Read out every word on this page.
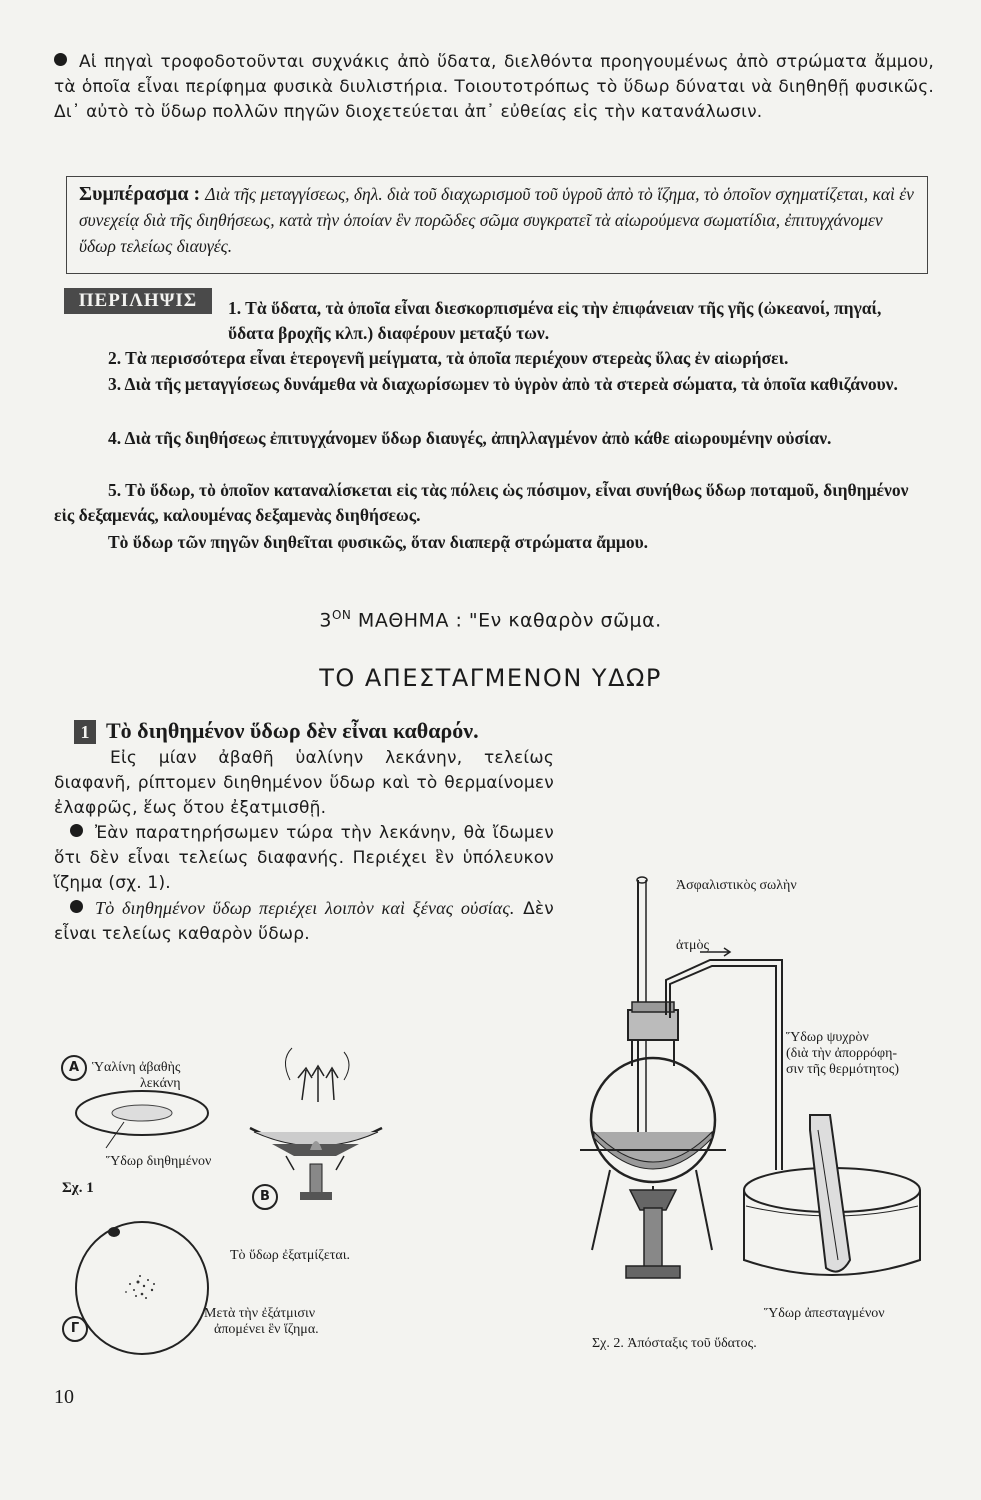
Αἱ πηγαὶ τροφοδοτοῦνται συχνάκις ἀπὸ ὕδατα, διελθόντα προηγουμένως ἀπὸ στρώματα ἄμμου, τὰ ὁποῖα εἶναι περίφημα φυσικὰ διυλιστήρια. Τοιουτοτρόπως τὸ ὕδωρ δύναται νὰ διηθηθῇ φυσικῶς. Δι᾽ αὐτὸ τὸ ὕδωρ πολλῶν πηγῶν διοχετεύεται ἀπ᾽ εὐθείας εἰς τὴν κατανάλωσιν.
Συμπέρασμα : Διὰ τῆς μεταγγίσεως, δηλ. διὰ τοῦ διαχωρισμοῦ τοῦ ὑγροῦ ἀπὸ τὸ ἵζημα, τὸ ὁποῖον σχηματίζεται, καὶ ἐν συνεχείᾳ διὰ τῆς διηθήσεως, κατὰ τὴν ὁποίαν ἓν πορῶδες σῶμα συγκρατεῖ τὰ αἰωρούμενα σωματίδια, ἐπιτυγχάνομεν ὕδωρ τελείως διαυγές.
ΠΕΡΙΛΗΨΙΣ	1. Τὰ ὕδατα, τὰ ὁποῖα εἶναι διεσκορπισμένα εἰς τὴν ἐπιφάνειαν τῆς γῆς (ὠκεανοί, πηγαί, ὕδατα βροχῆς κλπ.) διαφέρουν μεταξύ των.
2. Τὰ περισσότερα εἶναι ἑτερογενῆ μείγματα, τὰ ὁποῖα περιέχουν στερεὰς ὕλας ἐν αἰωρήσει.
3. Διὰ τῆς μεταγγίσεως δυνάμεθα νὰ διαχωρίσωμεν τὸ ὑγρὸν ἀπὸ τὰ στερεὰ σώματα, τὰ ὁποῖα καθιζάνουν.
4. Διὰ τῆς διηθήσεως ἐπιτυγχάνομεν ὕδωρ διαυγές, ἀπηλλαγμένον ἀπὸ κάθε αἰωρουμένην οὐσίαν.
5. Τὸ ὕδωρ, τὸ ὁποῖον καταναλίσκεται εἰς τὰς πόλεις ὡς πόσιμον, εἶναι συνήθως ὕδωρ ποταμοῦ, διηθημένον εἰς δεξαμενάς, καλουμένας δεξαμενὰς διηθήσεως.
Τὸ ὕδωρ τῶν πηγῶν διηθεῖται φυσικῶς, ὅταν διαπερᾷ στρώματα ἄμμου.
$3^{ON}$ ΜΑΘΗΜΑ : "Εν καθαρὸν σῶμα.
ΤΟ ΑΠΕΣΤΑΓΜΕΝΟΝ ΥΔΩΡ
1 Τὸ διηθημένον ὕδωρ δὲν εἶναι καθαρόν.
Εἰς μίαν ἀβαθῆ ὑαλίνην λεκάνην, τελείως διαφανῆ, ρίπτομεν διηθημένον ὕδωρ καὶ τὸ θερμαίνομεν ἐλαφρῶς, ἕως ὅτου ἐξατμισθῇ.
Ἐὰν παρατηρήσωμεν τώρα τὴν λεκάνην, θὰ ἴδωμεν ὅτι δὲν εἶναι τελείως διαφανής. Περιέχει ἓν ὑπόλευκον ἵζημα (σχ. 1).
Τὸ διηθημένον ὕδωρ περιέχει λοιπὸν καὶ ξένας οὐσίας. Δὲν εἶναι τελείως καθαρὸν ὕδωρ.
Α Ὑαλίνη ἀβαθὴς
λεκάνη
Ὕδωρ διηθημένον
Σχ. 1
Β
Τὸ ὕδωρ ἐξατμίζεται.
Γ
Μετὰ τὴν ἐξάτμισιν
ἀπομένει ἓν ἵζημα.
Ἀσφαλιστικὸς σωλὴν
ἀτμὸς
Ὕδωρ ψυχρὸν
(διὰ τὴν ἀπορρόφη-
σιν τῆς θερμότητος)
Ὕδωρ ἀπεσταγμένον
Σχ. 2. Ἀπόσταξις τοῦ ὕδατος.
10
